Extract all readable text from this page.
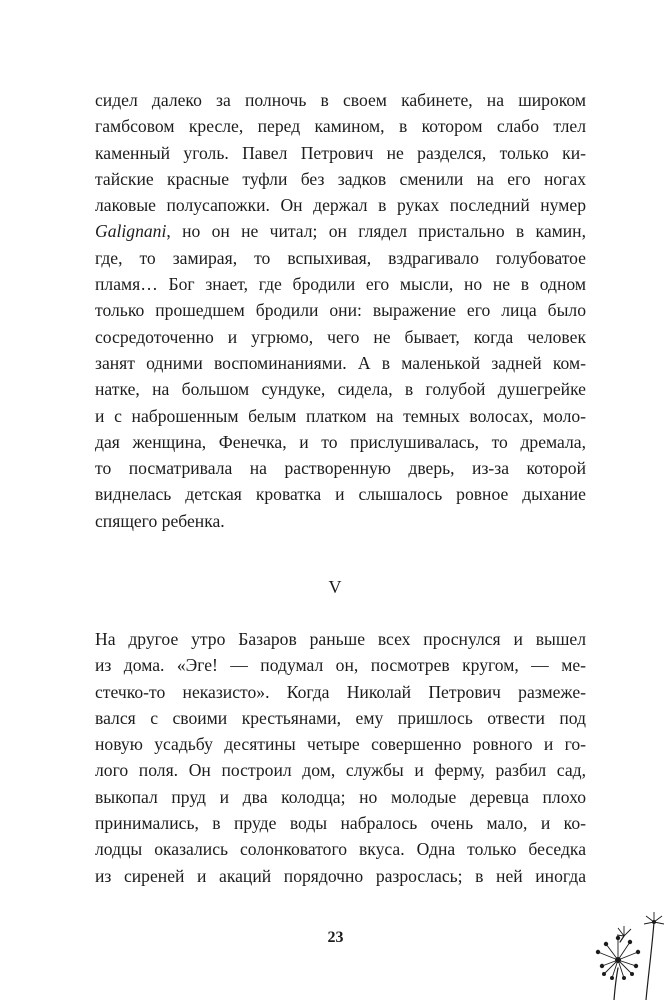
сидел далеко за полночь в своем кабинете, на широком
гамбсовом кресле, перед камином, в котором слабо тлел
каменный уголь. Павел Петрович не разделся, только ки-
тайские красные туфли без задков сменили на его ногах
лаковые полусапожки. Он держал в руках последний нумер
Galignani, но он не читал; он глядел пристально в камин,
где, то замирая, то вспыхивая, вздрагивало голубоватое
пламя… Бог знает, где бродили его мысли, но не в одном
только прошедшем бродили они: выражение его лица было
сосредоточенно и угрюмо, чего не бывает, когда человек
занят одними воспоминаниями. А в маленькой задней ком-
натке, на большом сундуке, сидела, в голубой душегрейке
и с наброшенным белым платком на темных волосах, моло-
дая женщина, Фенечка, и то прислушивалась, то дремала,
то посматривала на растворенную дверь, из-за которой
виднелась детская кроватка и слышалось ровное дыхание
спящего ребенка.
V
На другое утро Базаров раньше всех проснулся и вышел
из дома. «Эге! — подумал он, посмотрев кругом, — ме-
стечко-то неказисто». Когда Николай Петрович размеже-
вался с своими крестьянами, ему пришлось отвести под
новую усадьбу десятины четыре совершенно ровного и го-
лого поля. Он построил дом, службы и ферму, разбил сад,
выкопал пруд и два колодца; но молодые деревца плохо
принимались, в пруде воды набралось очень мало, и ко-
лодцы оказались солонковатого вкуса. Одна только беседка
из сиреней и акаций порядочно разрослась; в ней иногда
23
